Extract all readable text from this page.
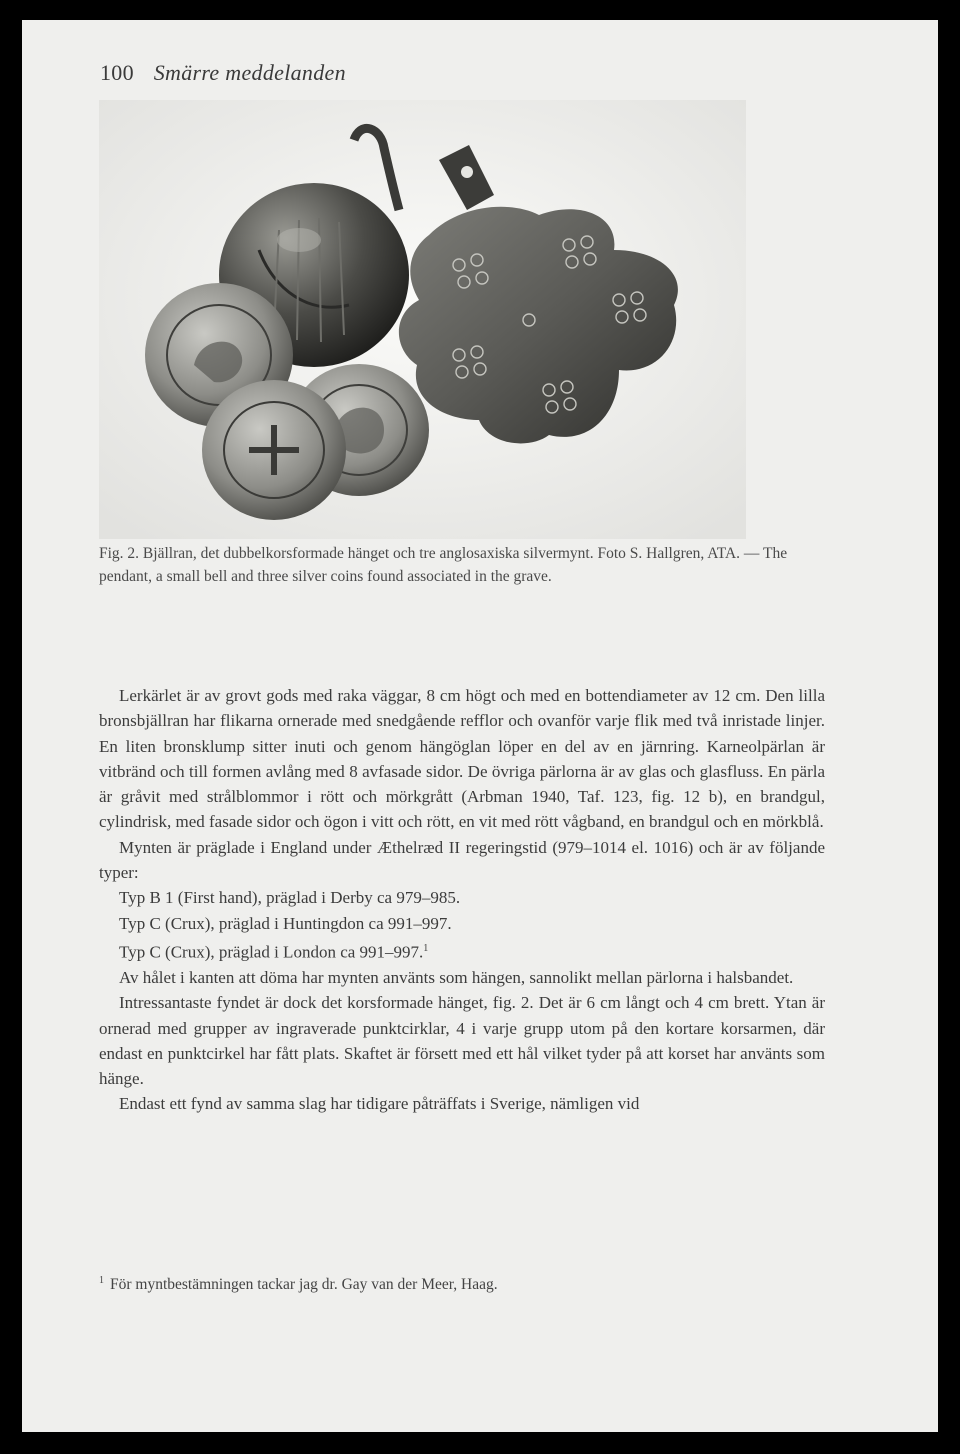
100 Smärre meddelanden
Fig. 2. Bjällran, det dubbelkorsformade hänget och tre anglosaxiska silvermynt. Foto S. Hallgren, ATA. — The pendant, a small bell and three silver coins found associated in the grave.

Lerkärlet är av grovt gods med raka väggar, 8 cm högt och med en bottendiameter av 12 cm. Den lilla bronsbjällran har flikarna ornerade med snedgående refflor och ovanför varje flik med två inristade linjer. En liten bronsklump sitter inuti och genom hängöglan löper en del av en järnring. Karneolpärlan är vitbränd och till formen avlång med 8 avfasade sidor. De övriga pärlorna är av glas och glasfluss. En pärla är gråvit med strålblommor i rött och mörkgrått (Arbman 1940, Taf. 123, fig. 12 b), en brandgul, cylindrisk, med fasade sidor och ögon i vitt och rött, en vit med rött vågband, en brandgul och en mörkblå.

Mynten är präglade i England under Æthelræd II regeringstid (979–1014 el. 1016) och är av följande typer:

Typ B 1 (First hand), präglad i Derby ca 979–985.

Typ C (Crux), präglad i Huntingdon ca 991–997.

Typ C (Crux), präglad i London ca 991–997.$^1$

Av hålet i kanten att döma har mynten använts som hängen, sannolikt mellan pärlorna i halsbandet.

Intressantaste fyndet är dock det korsformade hänget, fig. 2. Det är 6 cm långt och 4 cm brett. Ytan är ornerad med grupper av ingraverade punktcirklar, 4 i varje grupp utom på den kortare korsarmen, där endast en punktcirkel har fått plats. Skaftet är försett med ett hål vilket tyder på att korset har använts som hänge.

Endast ett fynd av samma slag har tidigare påträffats i Sverige, nämligen vid

$^1$ För myntbestämningen tackar jag dr. Gay van der Meer, Haag.
